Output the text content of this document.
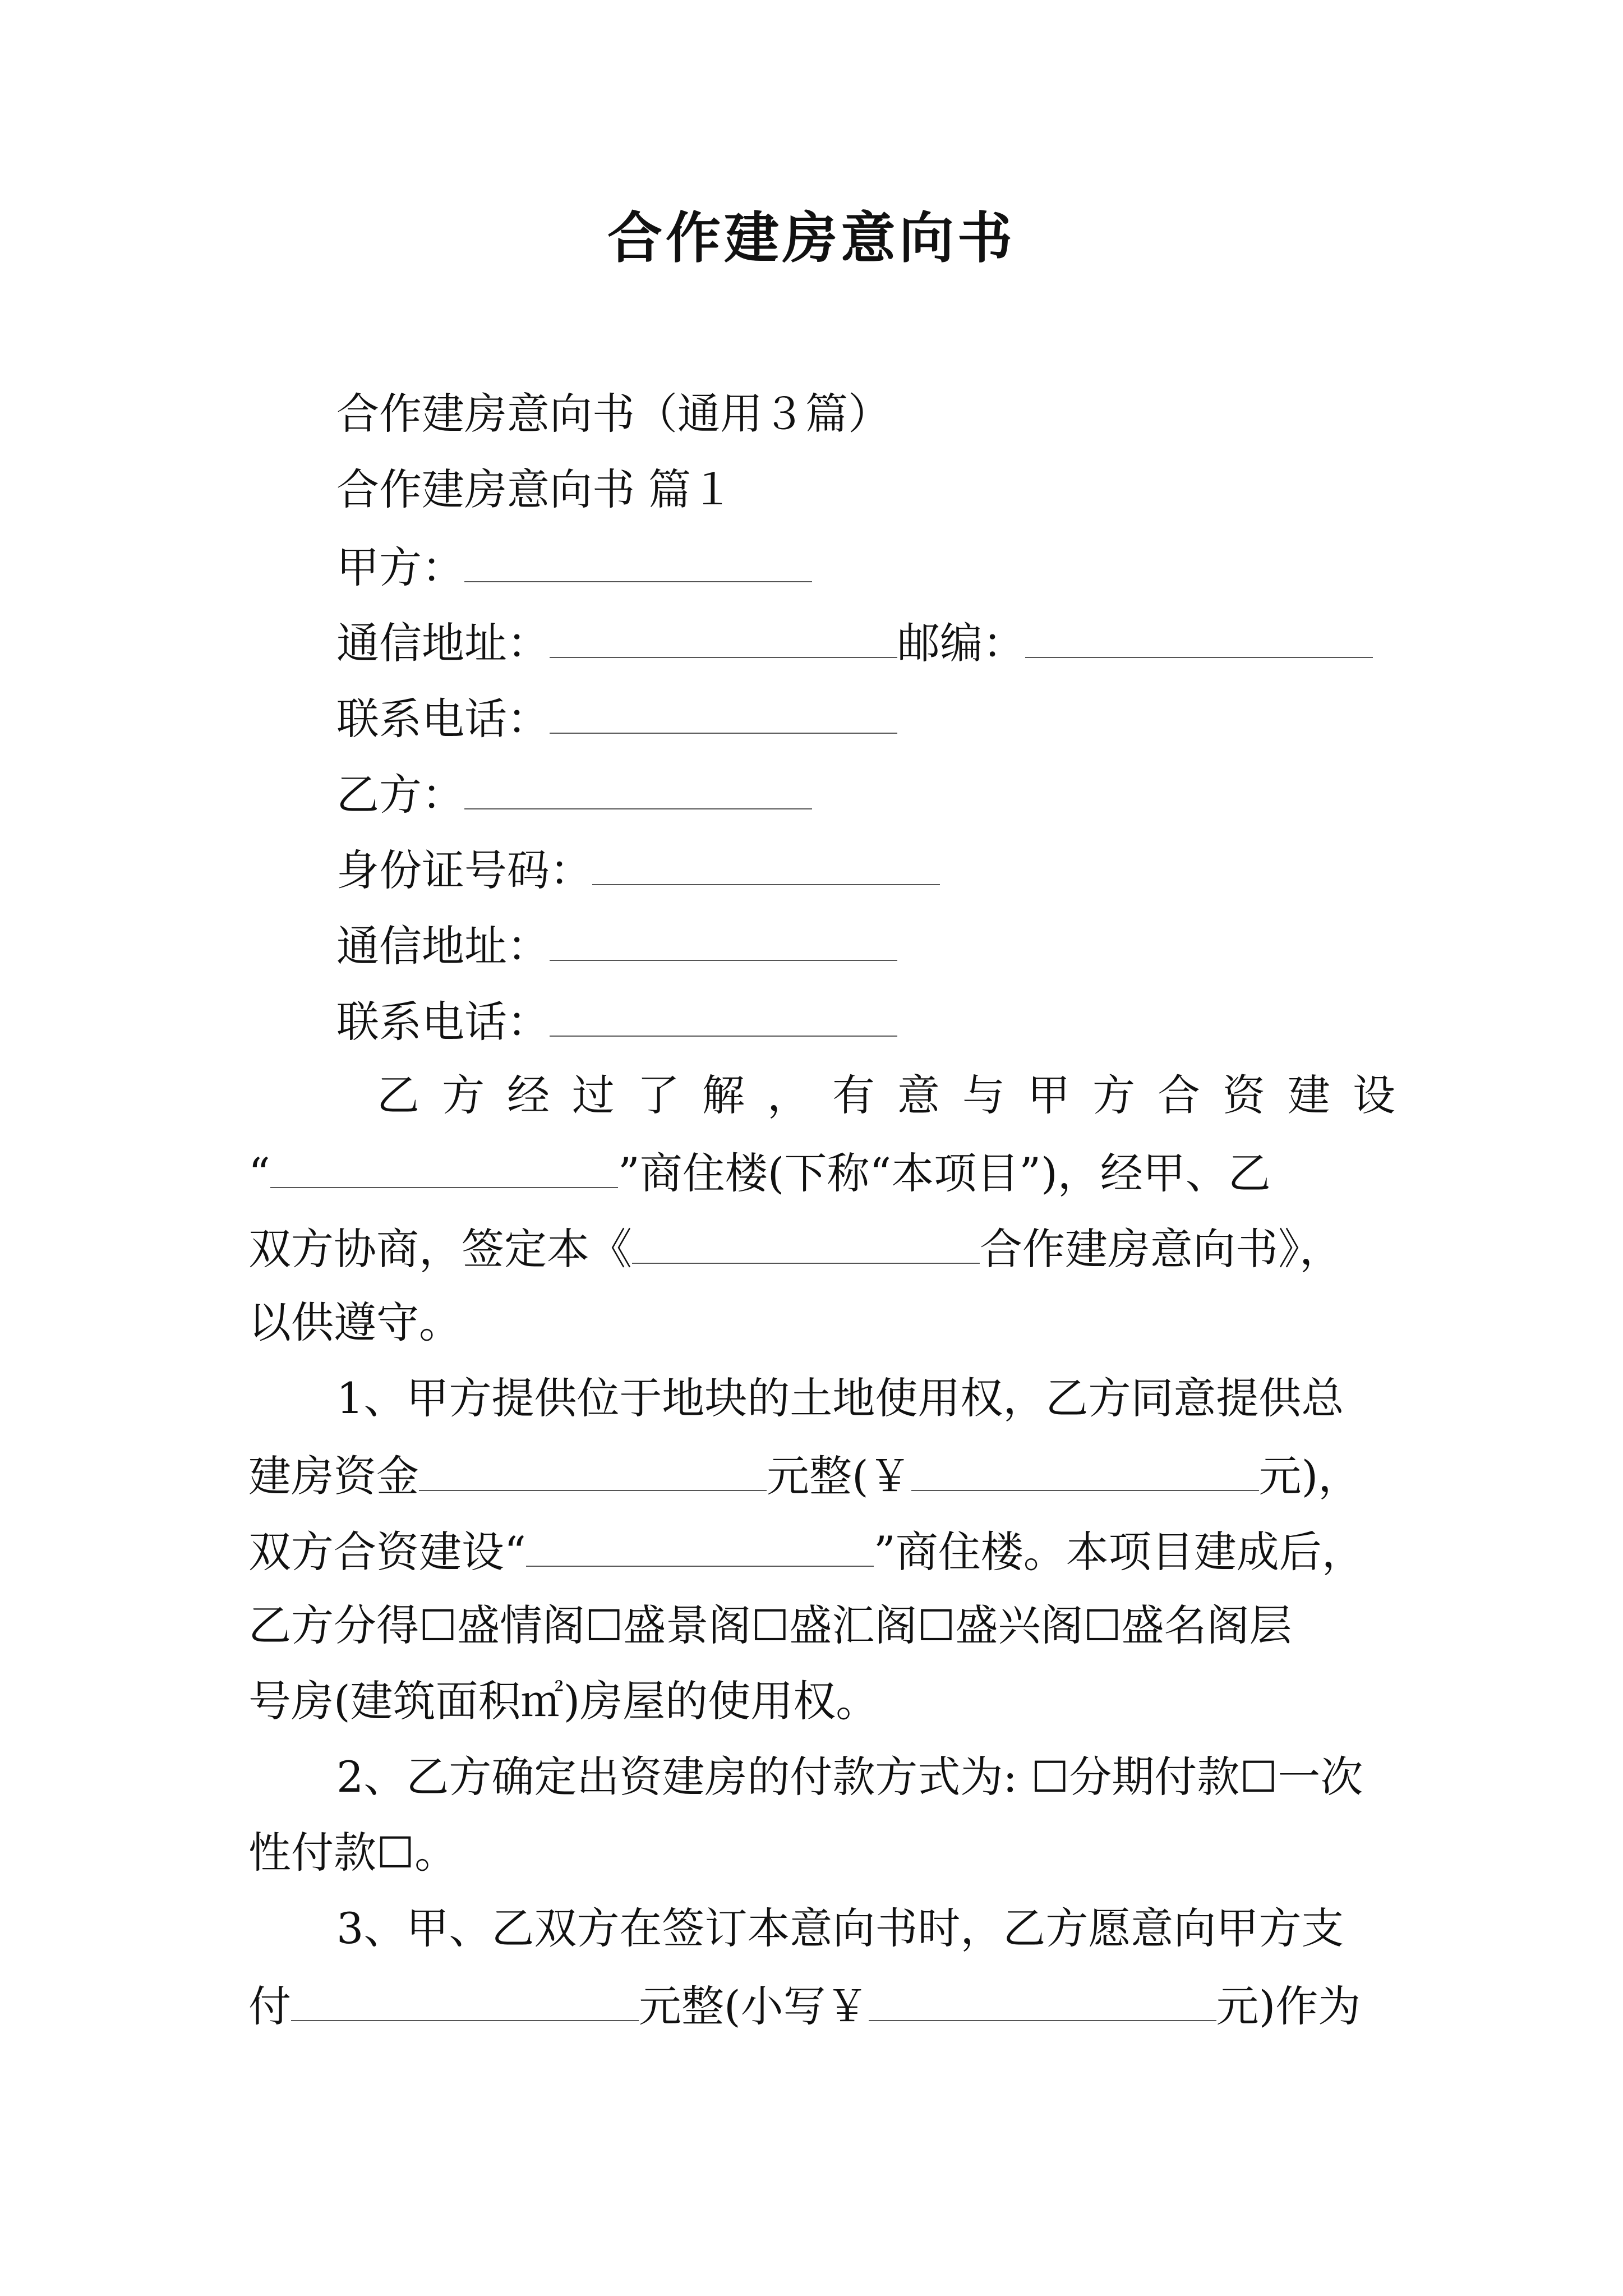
合作建房意向书
合作建房意向书（通用３篇）
合作建房意向书 篇１
甲方：
通信地址：	邮编：
联系电话：
乙方：
身份证号码：
通信地址：
联系电话：
乙方经过了解，有意与甲方合资建设
“	”商住楼(下称“本项目”)，经甲、乙
双方协商，签定本《	合作建房意向书》，
以供遵守。
1、甲方提供位于地块的土地使用权，乙方同意提供总
建房资金	元整(￥	元)，
双方合资建设“	”商住楼。本项目建成后，
乙方分得☐盛情阁☐盛景阁☐盛汇阁☐盛兴阁☐盛名阁层
号房(建筑面积㎡)房屋的使用权。
2、乙方确定出资建房的付款方式为: ☐分期付款☐一次
性付款☐。
3、甲、乙双方在签订本意向书时，乙方愿意向甲方支
付	元整(小写￥	元)作为
